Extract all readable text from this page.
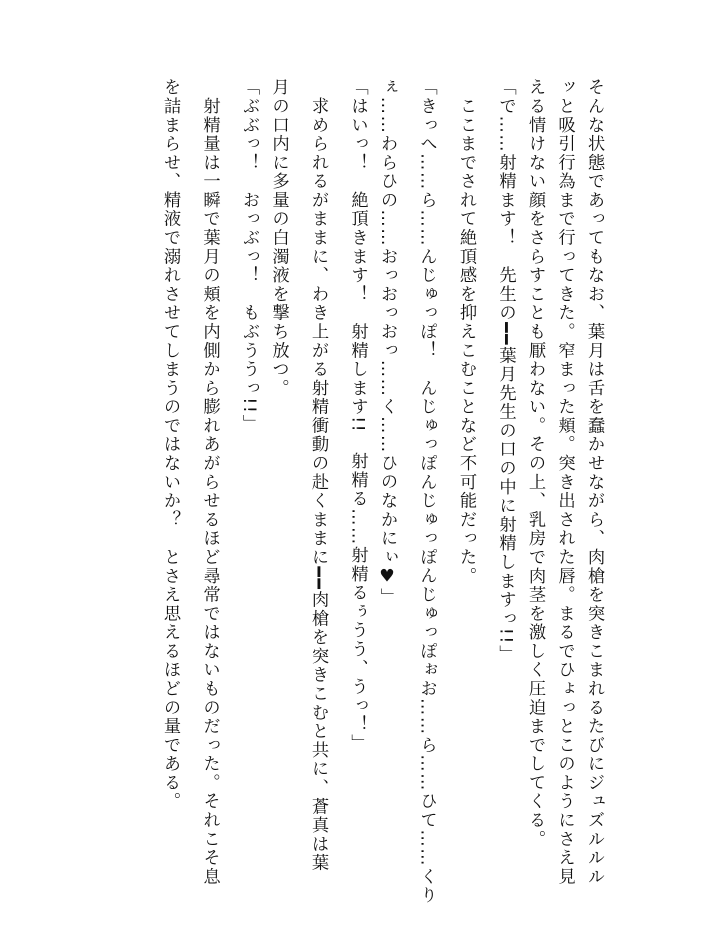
そんな状態であってもなお、葉月は舌を蠢かせながら、肉槍を突きこまれるたびにジュズルルル

ッと吸引行為まで行ってきた。窄まった頬。突き出された唇。まるでひょっとこのようにさえ見

える情けない顔をさらすことも厭わない。その上、乳房で肉茎を激しく圧迫までしてくる。

「で……射精ます！　先生の━━葉月先生の口の中に射精しますっ!!」

　ここまでされて絶頂感を抑えこむことなど不可能だった。

「きっへ……ら……んじゅっぽ！　んじゅっぽんじゅっぽんじゅっぽぉお……ら……ひて……くり

ぇ……わらひの……おっおっおっ……く……ひのなかにぃ♥」

「はいっ！　絶頂きます！　射精します!!　射精る……射精るぅうう、うっ！」

　求められるがままに、わき上がる射精衝動の赴くままに━━肉槍を突きこむと共に、蒼真は葉

月の口内に多量の白濁液を撃ち放つ。

「ぶぶっ！　おっぶっ！　もぶううっ!!」

　射精量は一瞬で葉月の頬を内側から膨れあがらせるほど尋常ではないものだった。それこそ息

を詰まらせ、精液で溺れさせてしまうのではないか？　とさえ思えるほどの量である。
